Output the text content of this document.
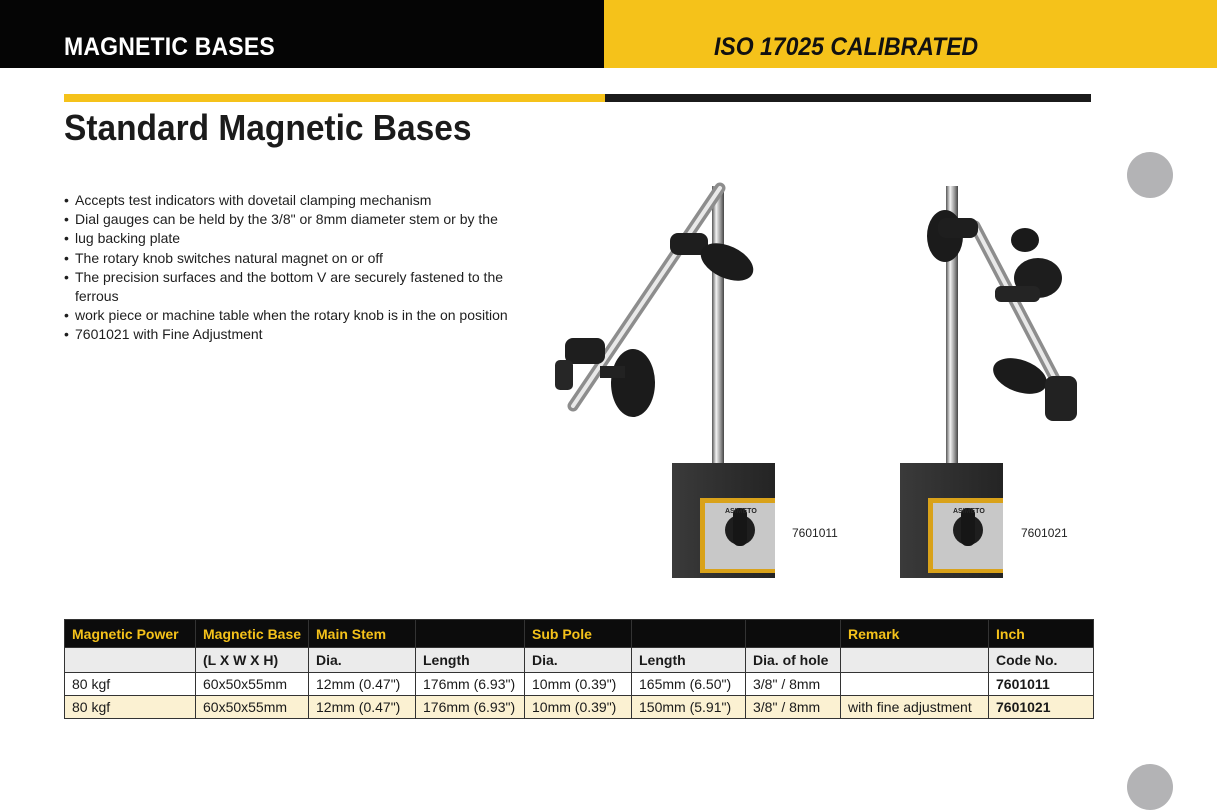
MAGNETIC BASES	ISO 17025 CALIBRATED
Standard Magnetic Bases
• Accepts test indicators with dovetail clamping mechanism
• Dial gauges can be held by the 3/8" or 8mm diameter stem or by the
• lug backing plate
• The rotary knob switches natural magnet on or off
• The precision surfaces and the bottom V are securely fastened to the ferrous
• work piece or machine table when the rotary knob is in the on position
• 7601021 with Fine Adjustment
ASIMETO
7601011
ASIMETO
7601021
Magnetic Power	Magnetic Base	Main Stem		Sub Pole			Remark	Inch
	(L X W X H)	Dia.	Length	Dia.	Length	Dia. of hole		Code No.
80 kgf	60x50x55mm	12mm (0.47")	176mm (6.93")	10mm (0.39")	165mm (6.50")	3/8" / 8mm		7601011
80 kgf	60x50x55mm	12mm (0.47")	176mm (6.93")	10mm (0.39")	150mm (5.91")	3/8" / 8mm	with fine adjustment	7601021
